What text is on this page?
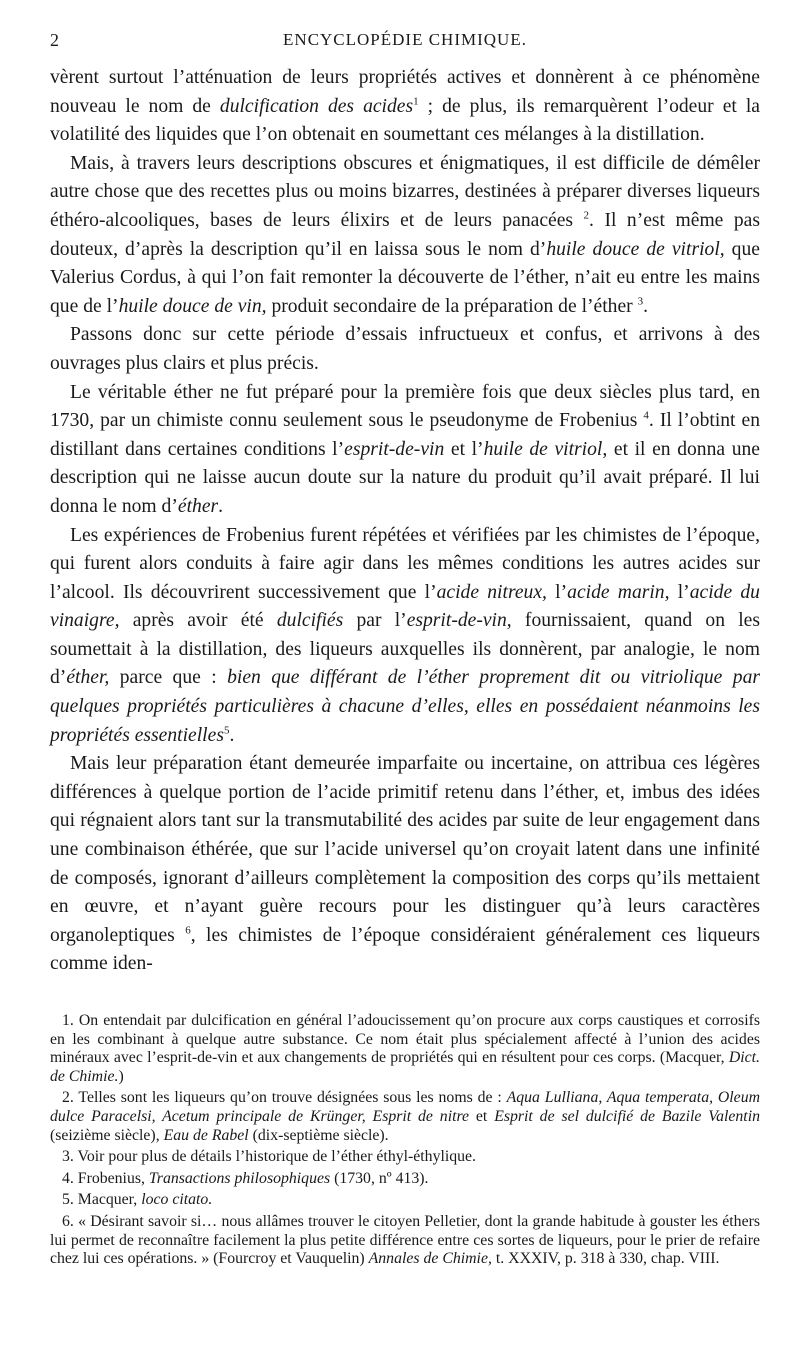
2	ENCYCLOPÉDIE CHIMIQUE.

vèrent surtout l’atténuation de leurs propriétés actives et donnèrent à ce phénomène nouveau le nom de dulcification des acides$^1$ ; de plus, ils remarquèrent l’odeur et la volatilité des liquides que l’on obtenait en soumettant ces mélanges à la distillation.

Mais, à travers leurs descriptions obscures et énigmatiques, il est difficile de démêler autre chose que des recettes plus ou moins bizarres, destinées à préparer diverses liqueurs éthéro-alcooliques, bases de leurs élixirs et de leurs panacées $^2$. Il n’est même pas douteux, d’après la description qu’il en laissa sous le nom d’huile douce de vitriol, que Valerius Cordus, à qui l’on fait remonter la découverte de l’éther, n’ait eu entre les mains que de l’huile douce de vin, produit secondaire de la préparation de l’éther $^3$.

Passons donc sur cette période d’essais infructueux et confus, et arrivons à des ouvrages plus clairs et plus précis.

Le véritable éther ne fut préparé pour la première fois que deux siècles plus tard, en 1730, par un chimiste connu seulement sous le pseudonyme de Frobenius $^4$. Il l’obtint en distillant dans certaines conditions l’esprit-de-vin et l’huile de vitriol, et il en donna une description qui ne laisse aucun doute sur la nature du produit qu’il avait préparé. Il lui donna le nom d’éther.

Les expériences de Frobenius furent répétées et vérifiées par les chimistes de l’époque, qui furent alors conduits à faire agir dans les mêmes conditions les autres acides sur l’alcool. Ils découvrirent successivement que l’acide nitreux, l’acide marin, l’acide du vinaigre, après avoir été dulcifiés par l’esprit-de-vin, fournissaient, quand on les soumettait à la distillation, des liqueurs auxquelles ils donnèrent, par analogie, le nom d’éther, parce que : bien que différant de l’éther proprement dit ou vitriolique par quelques propriétés particulières à chacune d’elles, elles en possédaient néanmoins les propriétés essentielles$^5$.

Mais leur préparation étant demeurée imparfaite ou incertaine, on attribua ces légères différences à quelque portion de l’acide primitif retenu dans l’éther, et, imbus des idées qui régnaient alors tant sur la transmutabilité des acides par suite de leur engagement dans une combinaison éthérée, que sur l’acide universel qu’on croyait latent dans une infinité de composés, ignorant d’ailleurs complètement la composition des corps qu’ils mettaient en œuvre, et n’ayant guère recours pour les distinguer qu’à leurs caractères organoleptiques $^6$, les chimistes de l’époque considéraient généralement ces liqueurs comme iden-

1. On entendait par dulcification en général l’adoucissement qu’on procure aux corps caustiques et corrosifs en les combinant à quelque autre substance. Ce nom était plus spécialement affecté à l’union des acides minéraux avec l’esprit-de-vin et aux changements de propriétés qui en résultent pour ces corps. (Macquer, Dict. de Chimie.)

2. Telles sont les liqueurs qu’on trouve désignées sous les noms de : Aqua Lulliana, Aqua temperata, Oleum dulce Paracelsi, Acetum principale de Krünger, Esprit de nitre et Esprit de sel dulcifié de Bazile Valentin (seizième siècle), Eau de Rabel (dix-septième siècle).

3. Voir pour plus de détails l’historique de l’éther éthyl-éthylique.

4. Frobenius, Transactions philosophiques (1730, nº 413).

5. Macquer, loco citato.

6. « Désirant savoir si… nous allâmes trouver le citoyen Pelletier, dont la grande habitude à gouster les éthers lui permet de reconnaître facilement la plus petite différence entre ces sortes de liqueurs, pour le prier de refaire chez lui ces opérations. » (Fourcroy et Vauquelin) Annales de Chimie, t. XXXIV, p. 318 à 330, chap. VIII.
